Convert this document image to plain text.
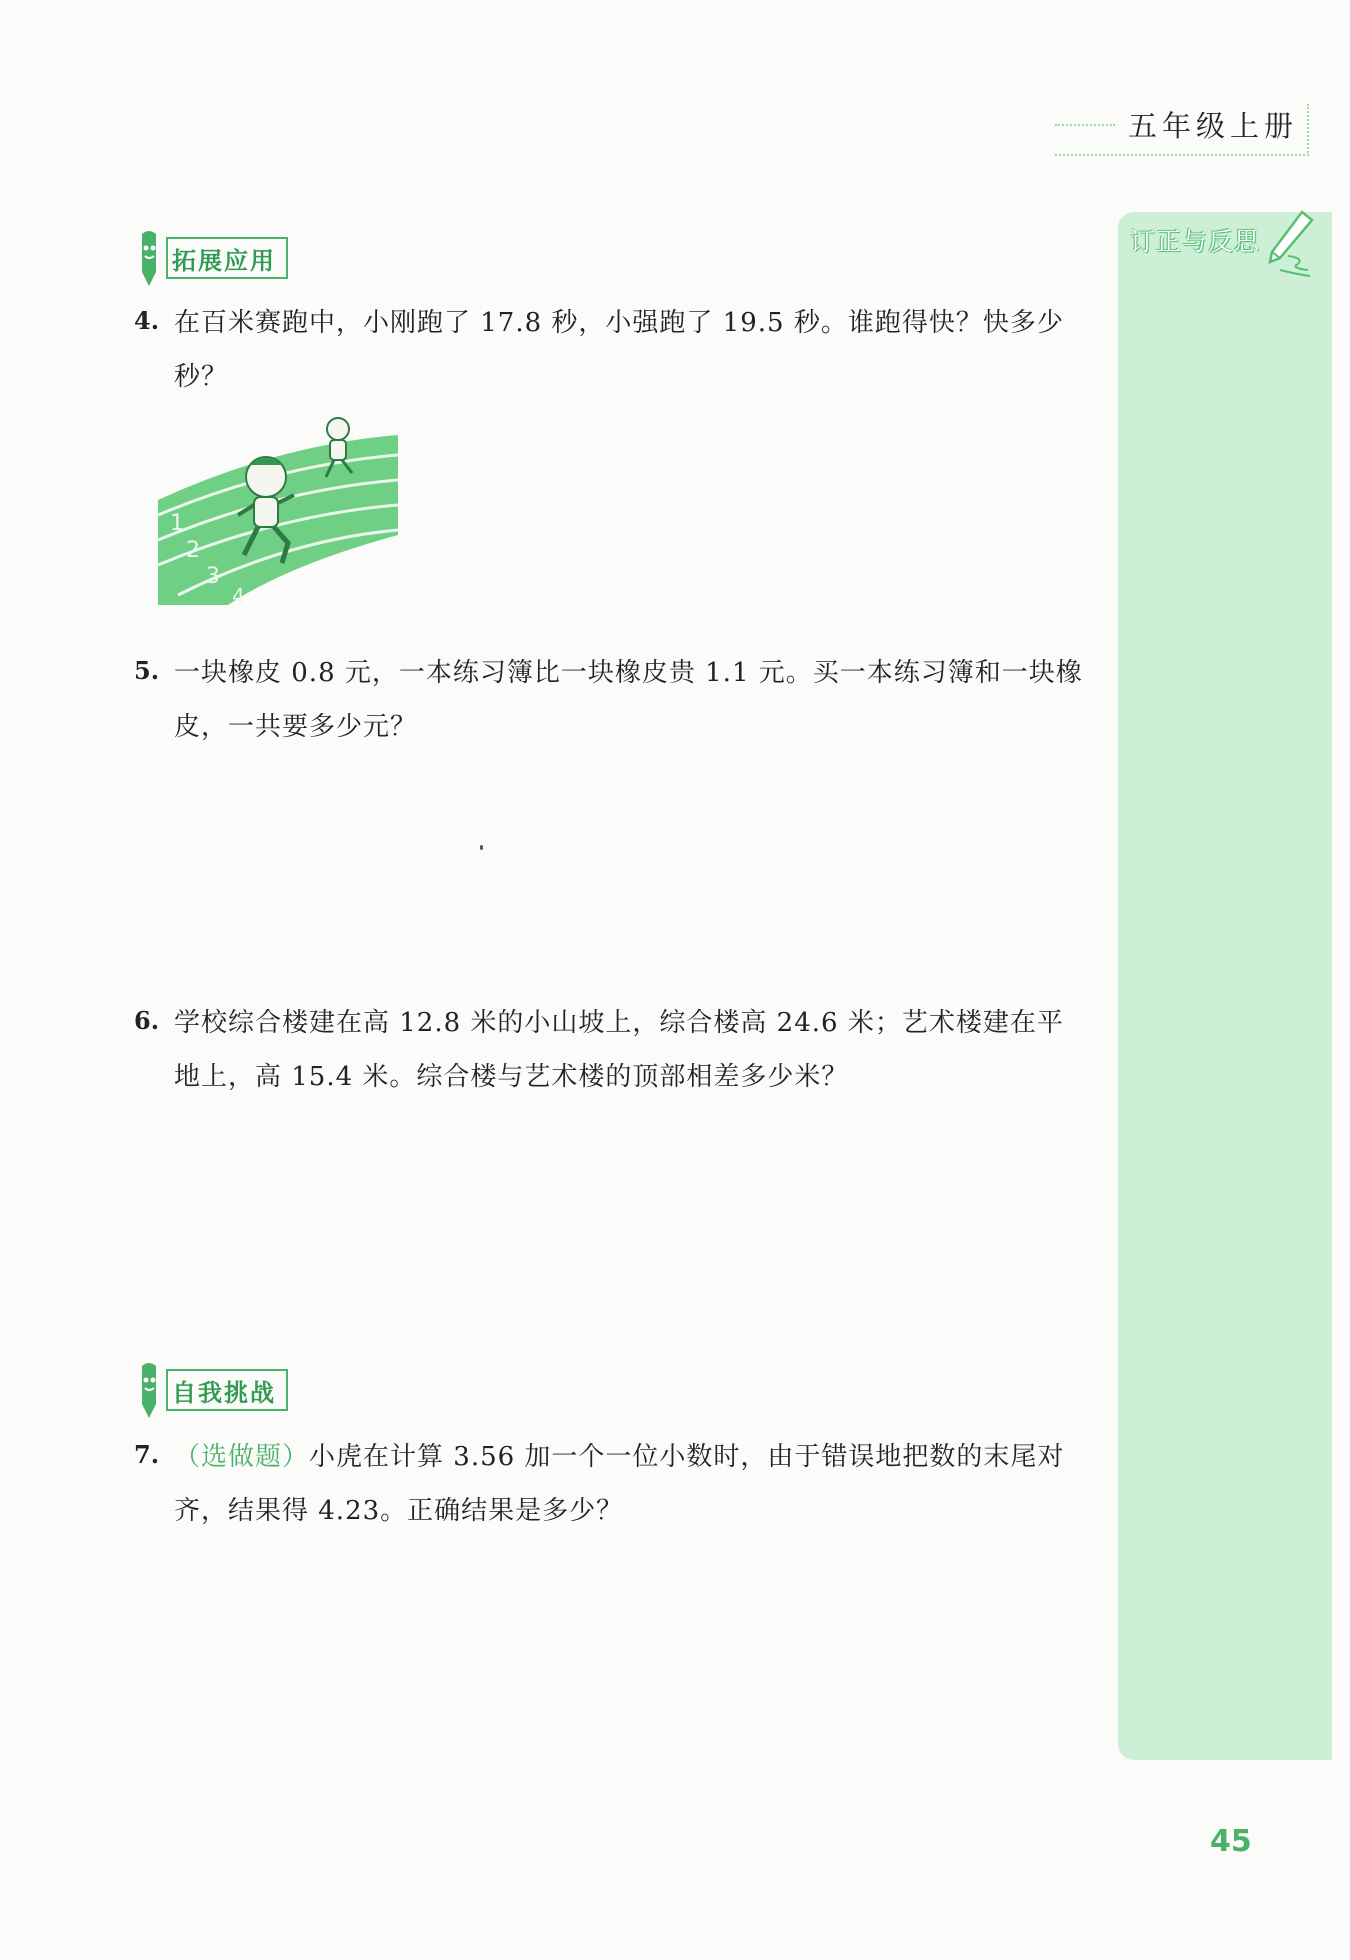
五年级上册
订正与反思
拓展应用
4. 在百米赛跑中，小刚跑了 17.8 秒，小强跑了 19.5 秒。谁跑得快？快多少秒？
1
2
3
4
5. 一块橡皮 0.8 元，一本练习簿比一块橡皮贵 1.1 元。买一本练习簿和一块橡皮，一共要多少元？
6. 学校综合楼建在高 12.8 米的小山坡上，综合楼高 24.6 米；艺术楼建在平地上，高 15.4 米。综合楼与艺术楼的顶部相差多少米？
自我挑战
7. （选做题）小虎在计算 3.56 加一个一位小数时，由于错误地把数的末尾对齐，结果得 4.23。正确结果是多少？
45
